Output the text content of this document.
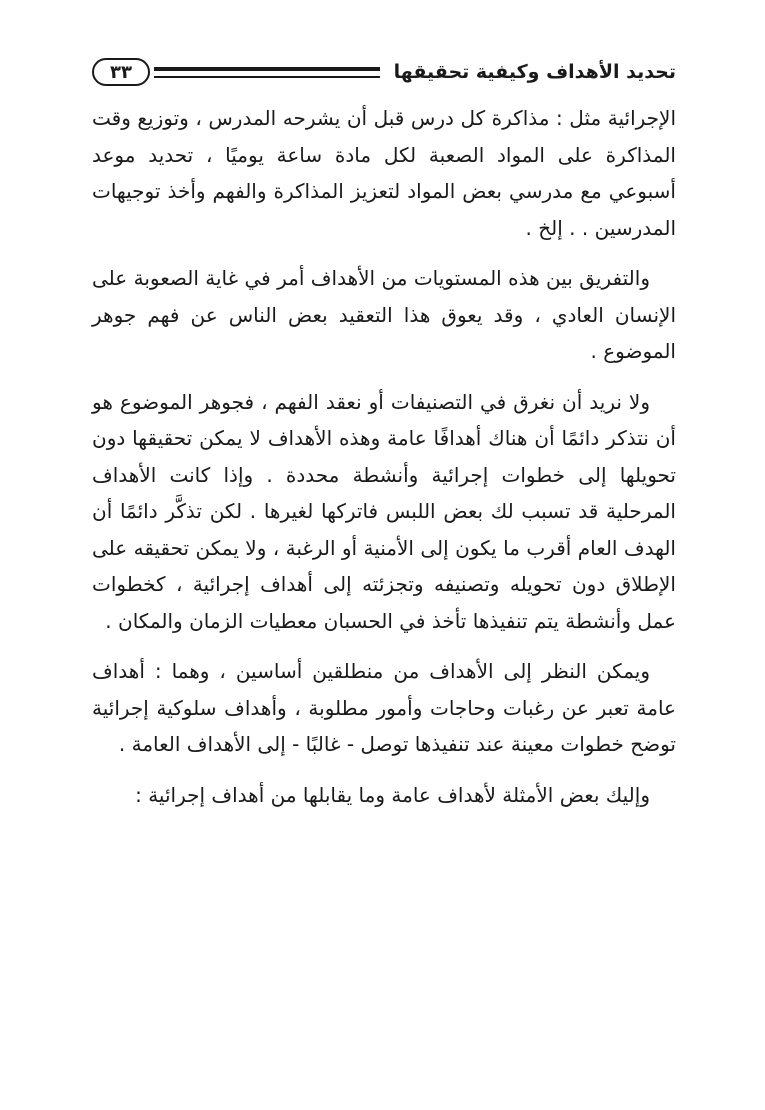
تحديد الأهداف وكيفية تحقيقها
٣٣

الإجرائية مثل : مذاكرة كل درس قبل أن يشرحه المدرس ، وتوزيع وقت المذاكرة على المواد الصعبة لكل مادة ساعة يوميًا ، تحديد موعد أسبوعي مع مدرسي بعض المواد لتعزيز المذاكرة والفهم وأخذ توجيهات المدرسين . . إلخ .

والتفريق بين هذه المستويات من الأهداف أمر في غاية الصعوبة على الإنسان العادي ، وقد يعوق هذا التعقيد بعض الناس عن فهم جوهر الموضوع .

ولا نريد أن نغرق في التصنيفات أو نعقد الفهم ، فجوهر الموضوع هو أن نتذكر دائمًا أن هناك أهدافًا عامة وهذه الأهداف لا يمكن تحقيقها دون تحويلها إلى خطوات إجرائية وأنشطة محددة . وإذا كانت الأهداف المرحلية قد تسبب لك بعض اللبس فاتركها لغيرها . لكن تذكَّر دائمًا أن الهدف العام أقرب ما يكون إلى الأمنية أو الرغبة ، ولا يمكن تحقيقه على الإطلاق دون تحويله وتصنيفه وتجزئته إلى أهداف إجرائية ، كخطوات عمل وأنشطة يتم تنفيذها تأخذ في الحسبان معطيات الزمان والمكان .

ويمكن النظر إلى الأهداف من منطلقين أساسين ، وهما : أهداف عامة تعبر عن رغبات وحاجات وأمور مطلوبة ، وأهداف سلوكية إجرائية توضح خطوات معينة عند تنفيذها توصل - غالبًا - إلى الأهداف العامة .

وإليك بعض الأمثلة لأهداف عامة وما يقابلها من أهداف إجرائية :
